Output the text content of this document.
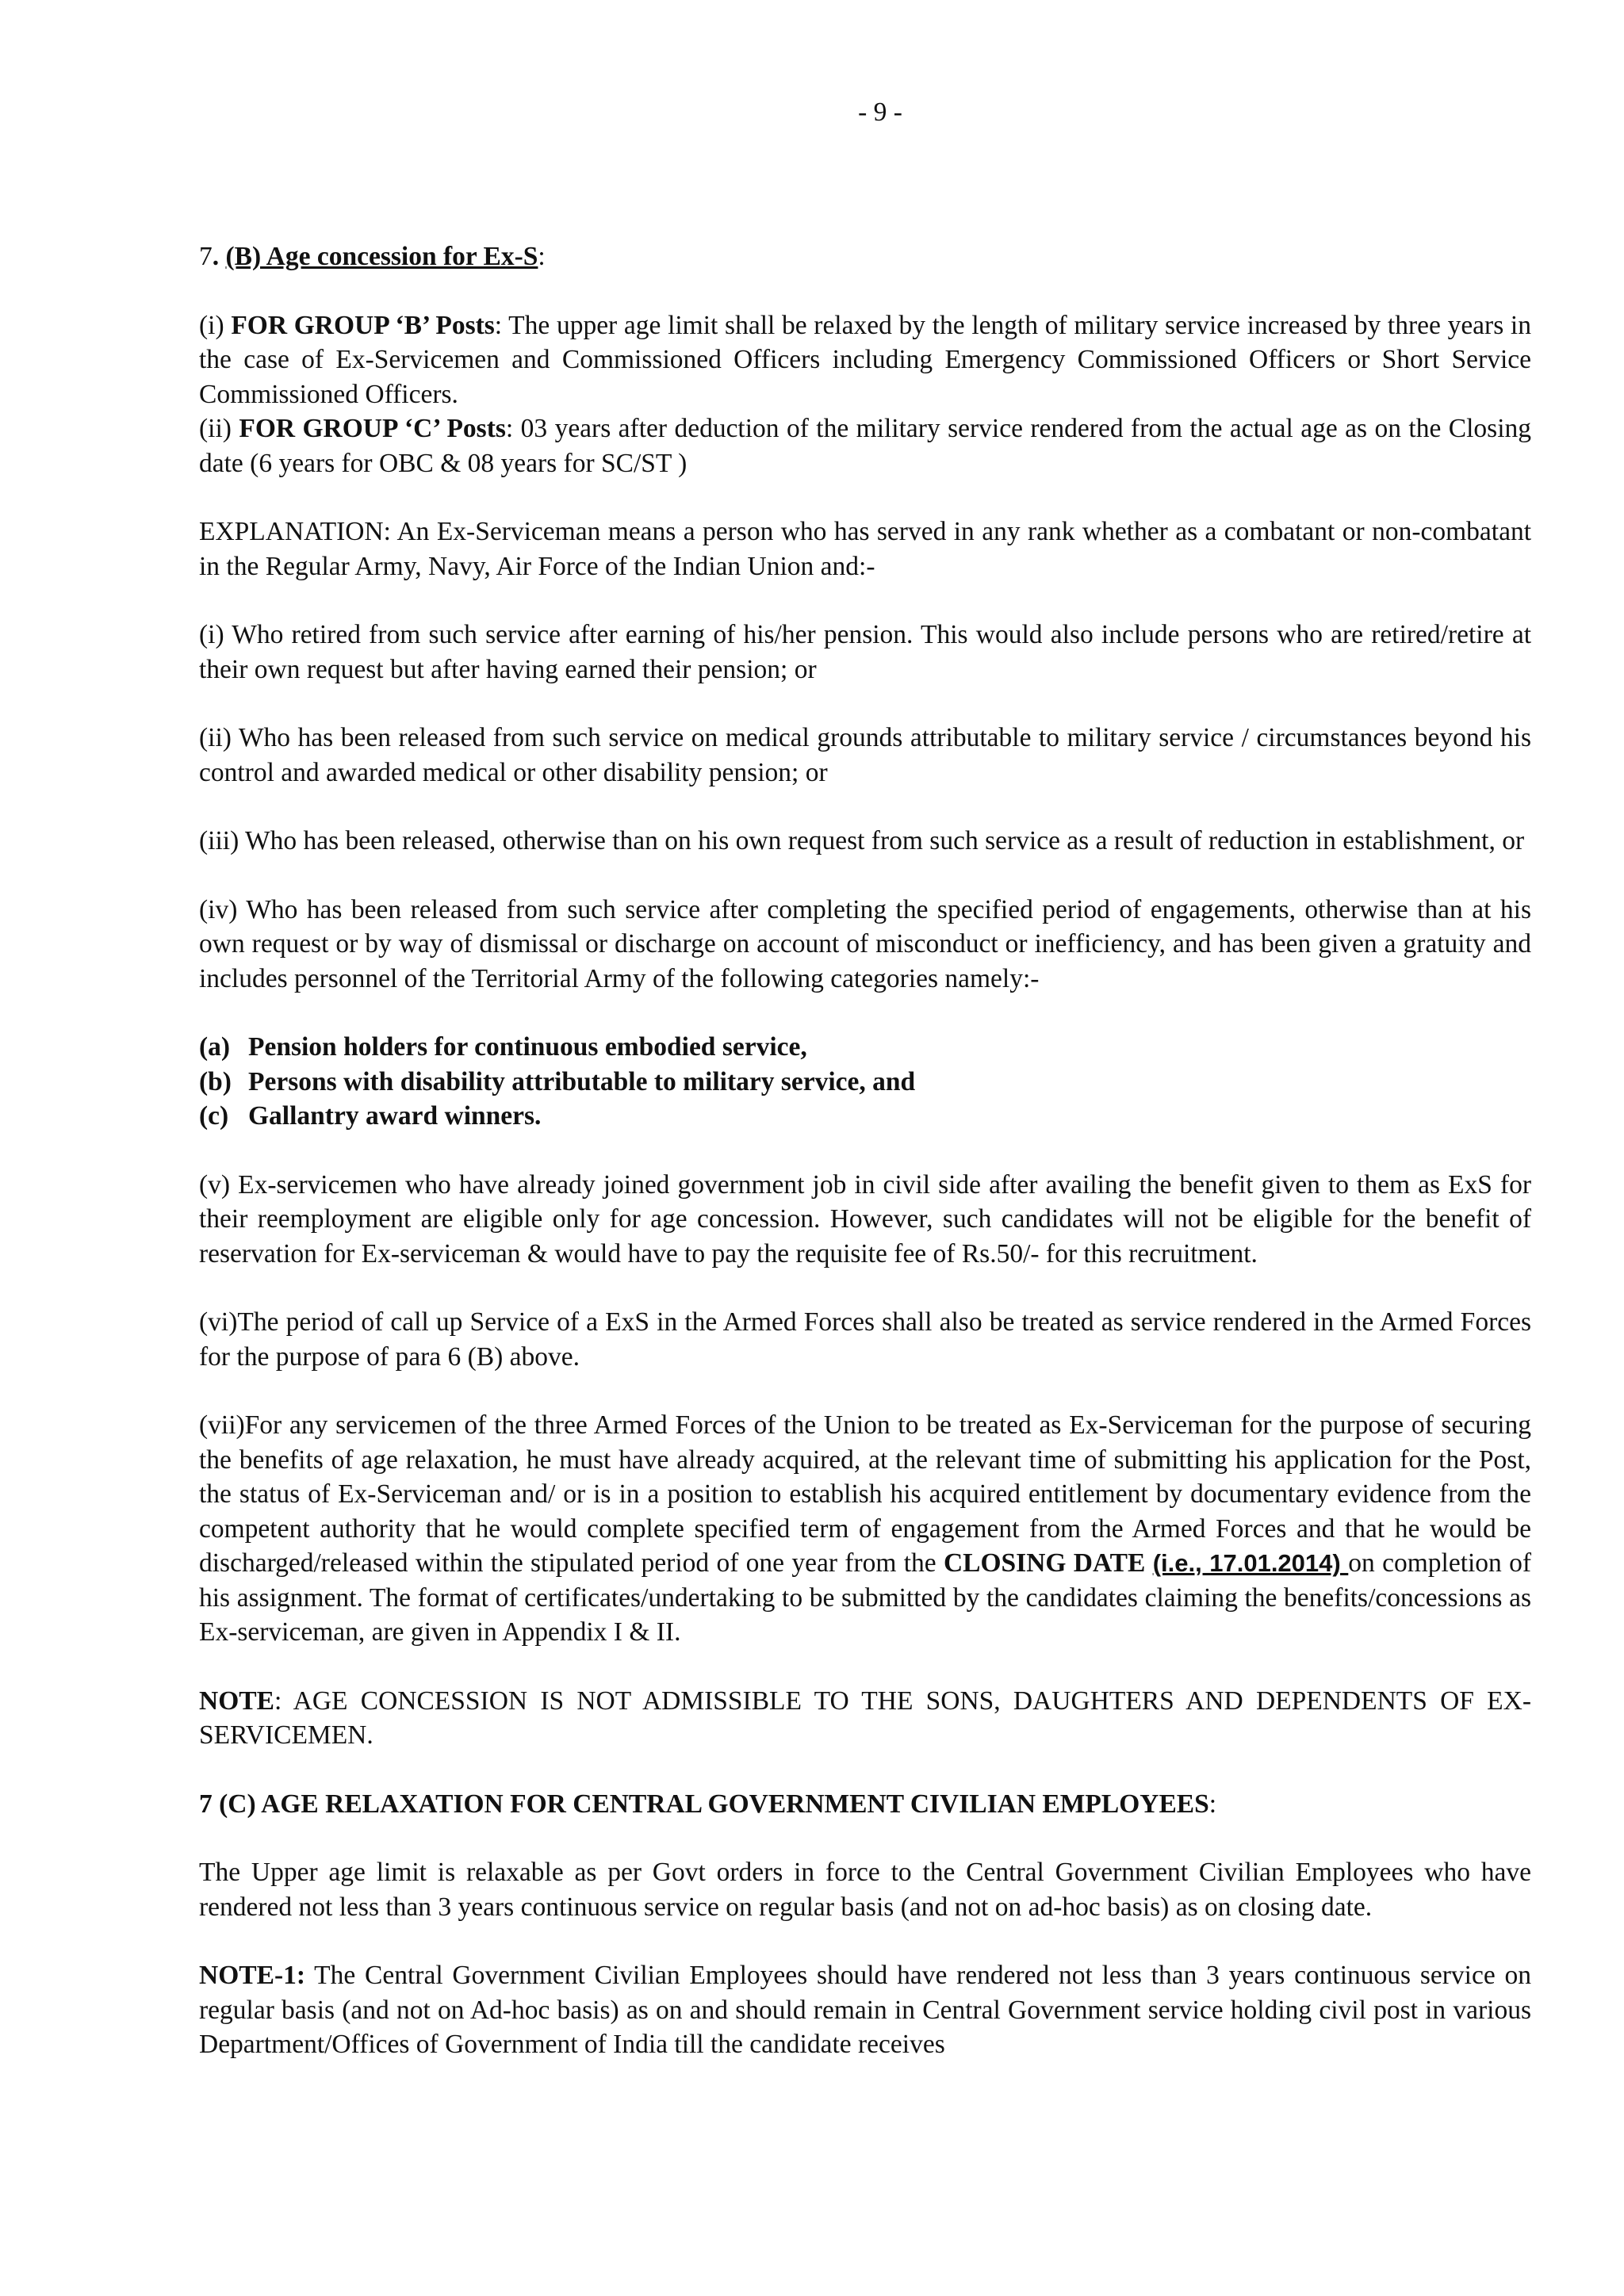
- 9 -

7. (B) Age concession for Ex-S:

(i) FOR GROUP ‘B’ Posts: The upper age limit shall be relaxed by the length of military service increased by three years in the case of Ex-Servicemen and Commissioned Officers including Emergency Commissioned Officers or Short Service Commissioned Officers.

(ii) FOR GROUP ‘C’ Posts: 03 years after deduction of the military service rendered from the actual age as on the Closing date (6 years for OBC & 08 years for SC/ST )

EXPLANATION: An Ex-Serviceman means a person who has served in any rank whether as a combatant or non-combatant in the Regular Army, Navy, Air Force of the Indian Union and:-

(i) Who retired from such service after earning of his/her pension. This would also include persons who are retired/retire at their own request but after having earned their pension; or

(ii) Who has been released from such service on medical grounds attributable to military service / circumstances beyond his control and awarded medical or other disability pension; or

(iii) Who has been released, otherwise than on his own request from such service as a result of reduction in establishment, or

(iv) Who has been released from such service after completing the specified period of engagements, otherwise than at his own request or by way of dismissal or discharge on account of misconduct or inefficiency, and has been given a gratuity and includes personnel of the Territorial Army of the following categories namely:-

(a) Pension holders for continuous embodied service,
(b) Persons with disability attributable to military service, and
(c) Gallantry award winners.

(v) Ex-servicemen who have already joined government job in civil side after availing the benefit given to them as ExS for their reemployment are eligible only for age concession. However, such candidates will not be eligible for the benefit of reservation for Ex-serviceman & would have to pay the requisite fee of Rs.50/- for this recruitment.

(vi)The period of call up Service of a ExS in the Armed Forces shall also be treated as service rendered in the Armed Forces for the purpose of para 6 (B) above.

(vii)For any servicemen of the three Armed Forces of the Union to be treated as Ex-Serviceman for the purpose of securing the benefits of age relaxation, he must have already acquired, at the relevant time of submitting his application for the Post, the status of Ex-Serviceman and/ or is in a position to establish his acquired entitlement by documentary evidence from the competent authority that he would complete specified term of engagement from the Armed Forces and that he would be discharged/released within the stipulated period of one year from the CLOSING DATE (i.e., 17.01.2014) on completion of his assignment. The format of certificates/undertaking to be submitted by the candidates claiming the benefits/concessions as Ex-serviceman, are given in Appendix I & II.

NOTE: AGE CONCESSION IS NOT ADMISSIBLE TO THE SONS, DAUGHTERS AND DEPENDENTS OF EX-SERVICEMEN.

7 (C) AGE RELAXATION FOR CENTRAL GOVERNMENT CIVILIAN EMPLOYEES:

The Upper age limit is relaxable as per Govt orders in force to the Central Government Civilian Employees who have rendered not less than 3 years continuous service on regular basis (and not on ad-hoc basis) as on closing date.

NOTE-1: The Central Government Civilian Employees should have rendered not less than 3 years continuous service on regular basis (and not on Ad-hoc basis) as on and should remain in Central Government service holding civil post in various Department/Offices of Government of India till the candidate receives
